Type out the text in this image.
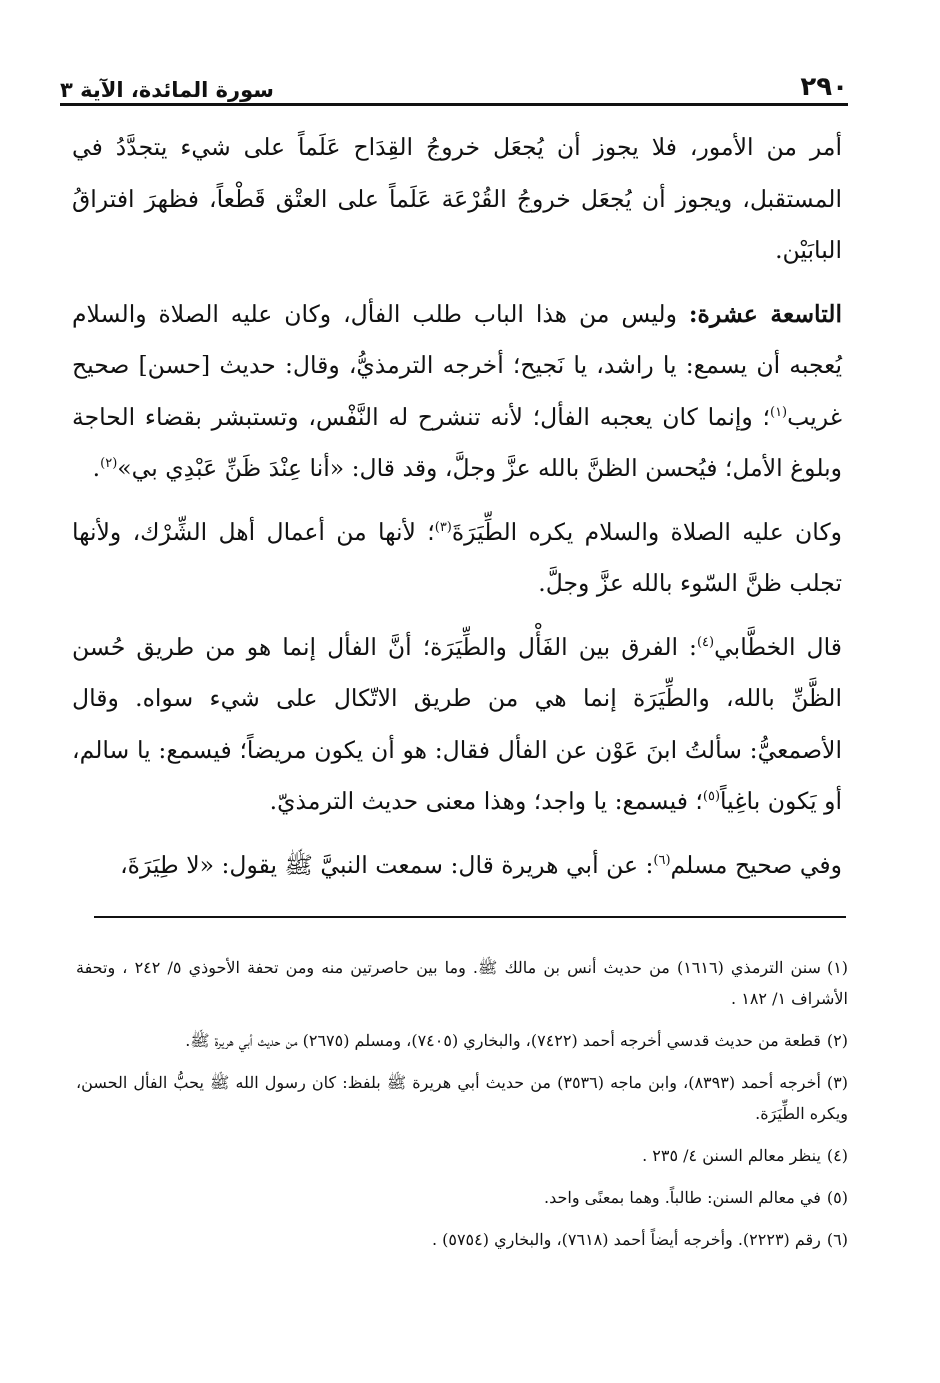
٢٩٠
سورة المائدة، الآية ٣

أمر من الأمور، فلا يجوز أن يُجعَل خروجُ القِدَاح عَلَماً على شيء يتجدَّدُ في المستقبل، ويجوز أن يُجعَل خروجُ القُرْعَة عَلَماً على العتْق قَطْعاً، فظهرَ افتراقُ البابَيْن.

التاسعة عشرة: وليس من هذا الباب طلب الفأل، وكان عليه الصلاة والسلام يُعجبه أن يسمع: يا راشد، يا نَجيح؛ أخرجه الترمذيُّ، وقال: حديث [حسن] صحيح غريب$^{(١)}$؛ وإنما كان يعجبه الفأل؛ لأنه تنشرح له النَّفْس، وتستبشر بقضاء الحاجة وبلوغ الأمل؛ فيُحسن الظنَّ بالله عزَّ وجلَّ، وقد قال: «أنا عِنْدَ ظَنِّ عَبْدِي بي»$^{(٢)}$.

وكان عليه الصلاة والسلام يكره الطِّيَرَةَ$^{(٣)}$؛ لأنها من أعمال أهل الشِّرْك، ولأنها تجلب ظنَّ السّوء بالله عزَّ وجلَّ.

قال الخطَّابي$^{(٤)}$: الفرق بين الفَأْل والطِّيَرَة؛ أنَّ الفأل إنما هو من طريق حُسن الظَّنِّ بالله، والطِّيَرَة إنما هي من طريق الاتّكال على شيء سواه. وقال الأصمعيُّ: سألتُ ابنَ عَوْن عن الفأل فقال: هو أن يكون مريضاً؛ فيسمع: يا سالم، أو يَكون باغِياً$^{(٥)}$؛ فيسمع: يا واجد؛ وهذا معنى حديث الترمذيّ.

وفي صحيح مسلم$^{(٦)}$: عن أبي هريرة قال: سمعت النبيَّ ﷺ يقول: «لا طِيَرَةَ،

(١)سنن الترمذي (١٦١٦) من حديث أنس بن مالك ﷺ. وما بين حاصرتين منه ومن تحفة الأحوذي ٥/ ٢٤٢ ، وتحفة الأشراف ١/ ١٨٢ .

(٢)قطعة من حديث قدسي أخرجه أحمد (٧٤٢٢)، والبخاري (٧٤٠٥)، ومسلم (٢٦٧٥) من حديث أبي هريرة ﷺ.

(٣)أخرجه أحمد (٨٣٩٣)، وابن ماجه (٣٥٣٦) من حديث أبي هريرة ﷺ بلفظ: كان رسول الله ﷺ يحبُّ الفأل الحسن، ويكره الطِّيَرَة.

(٤)ينظر معالم السنن ٤/ ٢٣٥ .

(٥)في معالم السنن: طالباً. وهما بمعنًى واحد.

(٦)رقم (٢٢٢٣). وأخرجه أيضاً أحمد (٧٦١٨)، والبخاري (٥٧٥٤) .
